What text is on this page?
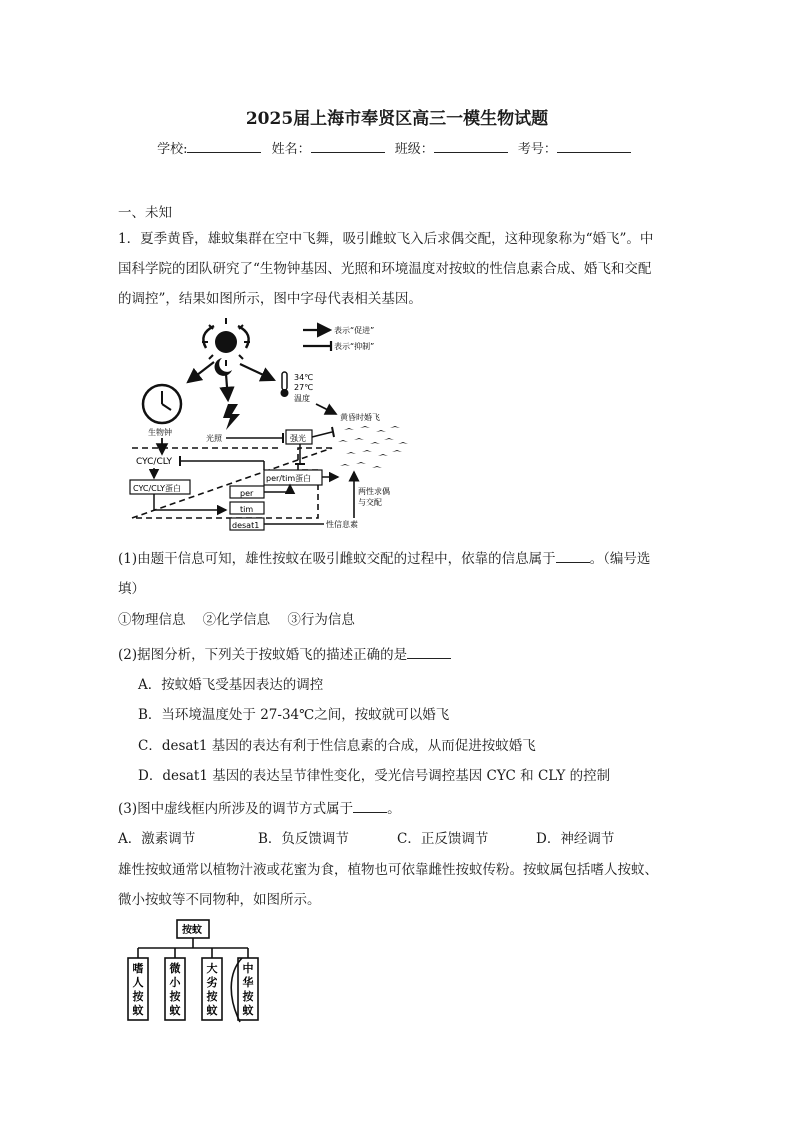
2025届上海市奉贤区高三一模生物试题
学校:	姓名：	班级：	考号：
一、未知
1．夏季黄昏，雄蚊集群在空中飞舞，吸引雌蚊飞入后求偶交配，这种现象称为“婚飞”。中
国科学院的团队研究了“生物钟基因、光照和环境温度对按蚊的性信息素合成、婚飞和交配
的调控”，结果如图所示，图中字母代表相关基因。
表示“促进”
表示“抑制”
生物钟
光照
34℃
27℃
温度
黄昏时婚飞
强光
CYC/CLY
CYC/CLY蛋白
per/tim蛋白
per
tim
desat1	性信息素
两性求偶
与交配
(1)由题干信息可知，雄性按蚊在吸引雌蚊交配的过程中，依靠的信息属于	。（编号选
填）
①物理信息 ②化学信息 ③行为信息
(2)据图分析，下列关于按蚊婚飞的描述正确的是
A．按蚊婚飞受基因表达的调控
B．当环境温度处于 27-34℃之间，按蚊就可以婚飞
C．desat1 基因的表达有利于性信息素的合成，从而促进按蚊婚飞
D．desat1 基因的表达呈节律性变化，受光信号调控基因 CYC 和 CLY 的控制
(3)图中虚线框内所涉及的调节方式属于	。
A．激素调节	B．负反馈调节	C．正反馈调节	D．神经调节
雄性按蚊通常以植物汁液或花蜜为食，植物也可依靠雌性按蚊传粉。按蚊属包括嗜人按蚊、
微小按蚊等不同物种，如图所示。
按蚊
嗜人按蚊
微小按蚊
大劣按蚊
中华按蚊
